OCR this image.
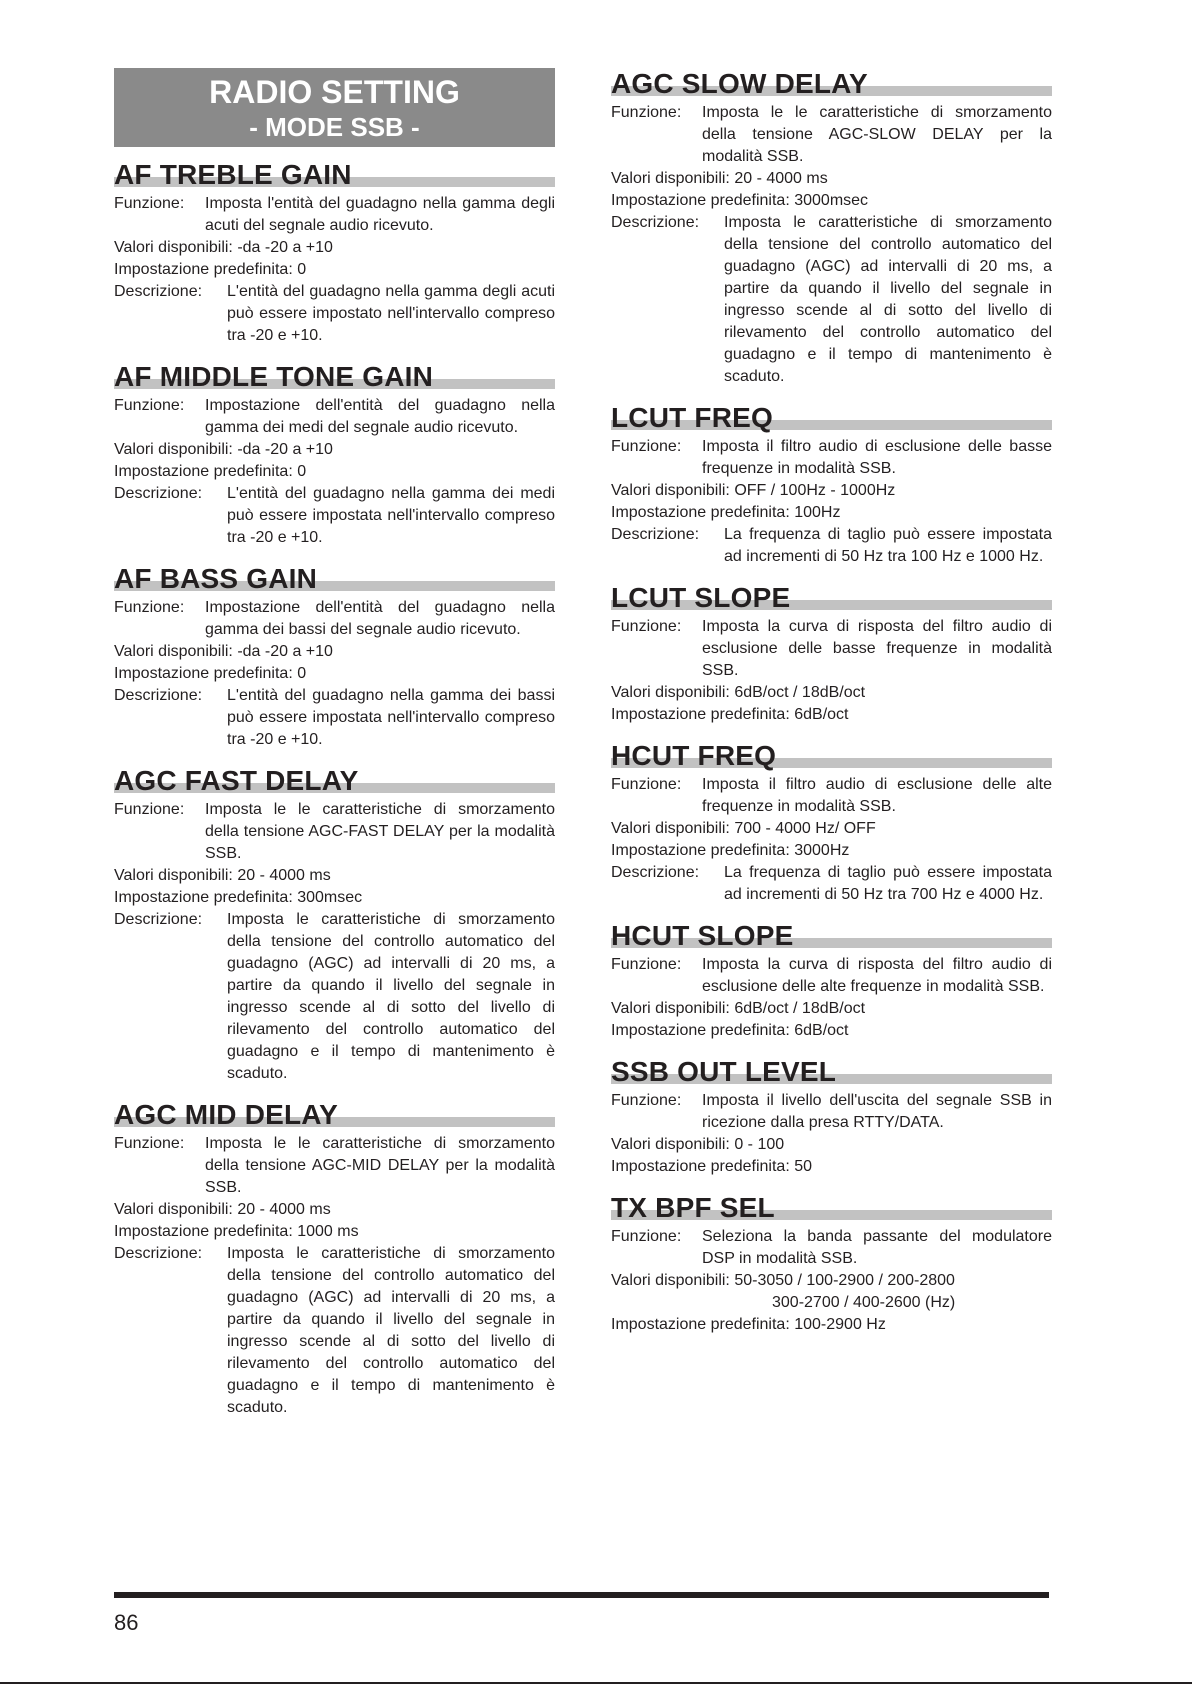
RADIO SETTING
- MODE SSB -
AF TREBLE GAIN
Funzione:	Imposta l'entità del guadagno nella gamma degli acuti del segnale audio ricevuto.
Valori disponibili: -da -20 a +10
Impostazione predefinita: 0
Descrizione:	L'entità del guadagno nella gamma degli acuti può essere impostato nell'intervallo compreso tra -20 e +10.
AF MIDDLE TONE GAIN
Funzione:	Impostazione dell'entità del guadagno nella gamma dei medi del segnale audio ricevuto.
Valori disponibili: -da -20 a +10
Impostazione predefinita: 0
Descrizione:	L'entità del guadagno nella gamma dei medi può essere impostata nell'intervallo compreso tra -20 e +10.
AF BASS GAIN
Funzione:	Impostazione dell'entità del guadagno nella gamma dei bassi del segnale audio ricevuto.
Valori disponibili: -da -20 a +10
Impostazione predefinita: 0
Descrizione:	L'entità del guadagno nella gamma dei bassi può essere impostata nell'intervallo compreso tra -20 e +10.
AGC FAST DELAY
Funzione:	Imposta le le caratteristiche di smorzamento della tensione AGC-FAST DELAY per la modalità SSB.
Valori disponibili: 20 - 4000 ms
Impostazione predefinita: 300msec
Descrizione:	Imposta le caratteristiche di smorzamento della tensione del controllo automatico del guadagno (AGC) ad intervalli di 20 ms, a partire da quando il livello del segnale in ingresso scende al di sotto del livello di rilevamento del controllo automatico del guadagno e il tempo di mantenimento è scaduto.
AGC MID DELAY
Funzione:	Imposta le le caratteristiche di smorzamento della tensione AGC-MID DELAY per la modalità SSB.
Valori disponibili: 20 - 4000 ms
Impostazione predefinita: 1000 ms
Descrizione:	Imposta le caratteristiche di smorzamento della tensione del controllo automatico del guadagno (AGC) ad intervalli di 20 ms, a partire da quando il livello del segnale in ingresso scende al di sotto del livello di rilevamento del controllo automatico del guadagno e il tempo di mantenimento è scaduto.
AGC SLOW DELAY
Funzione:	Imposta le le caratteristiche di smorzamento della tensione AGC-SLOW DELAY per la modalità SSB.
Valori disponibili: 20 - 4000 ms
Impostazione predefinita: 3000msec
Descrizione:	Imposta le caratteristiche di smorzamento della tensione del controllo automatico del guadagno (AGC) ad intervalli di 20 ms, a partire da quando il livello del segnale in ingresso scende al di sotto del livello di rilevamento del controllo automatico del guadagno e il tempo di mantenimento è scaduto.
LCUT FREQ
Funzione:	Imposta il filtro audio di esclusione delle basse frequenze in modalità SSB.
Valori disponibili: OFF / 100Hz - 1000Hz
Impostazione predefinita: 100Hz
Descrizione:	La frequenza di taglio può essere impostata ad incrementi di 50 Hz tra 100 Hz e 1000 Hz.
LCUT SLOPE
Funzione:	Imposta la curva di risposta del filtro audio di esclusione delle basse frequenze in modalità SSB.
Valori disponibili: 6dB/oct / 18dB/oct
Impostazione predefinita: 6dB/oct
HCUT FREQ
Funzione:	Imposta il filtro audio di esclusione delle alte frequenze in modalità SSB.
Valori disponibili: 700 - 4000 Hz/ OFF
Impostazione predefinita: 3000Hz
Descrizione:	La frequenza di taglio può essere impostata ad incrementi di 50 Hz tra 700 Hz e 4000 Hz.
HCUT SLOPE
Funzione:	Imposta la curva di risposta del filtro audio di esclusione delle alte frequenze in modalità SSB.
Valori disponibili: 6dB/oct / 18dB/oct
Impostazione predefinita: 6dB/oct
SSB OUT LEVEL
Funzione:	Imposta il livello dell'uscita del segnale SSB in ricezione dalla presa RTTY/DATA.
Valori disponibili: 0 - 100
Impostazione predefinita: 50
TX BPF SEL
Funzione:	Seleziona la banda passante del modulatore DSP in modalità SSB.
Valori disponibili: 50-3050 / 100-2900 / 200-2800
300-2700 / 400-2600 (Hz)
Impostazione predefinita: 100-2900 Hz
86
